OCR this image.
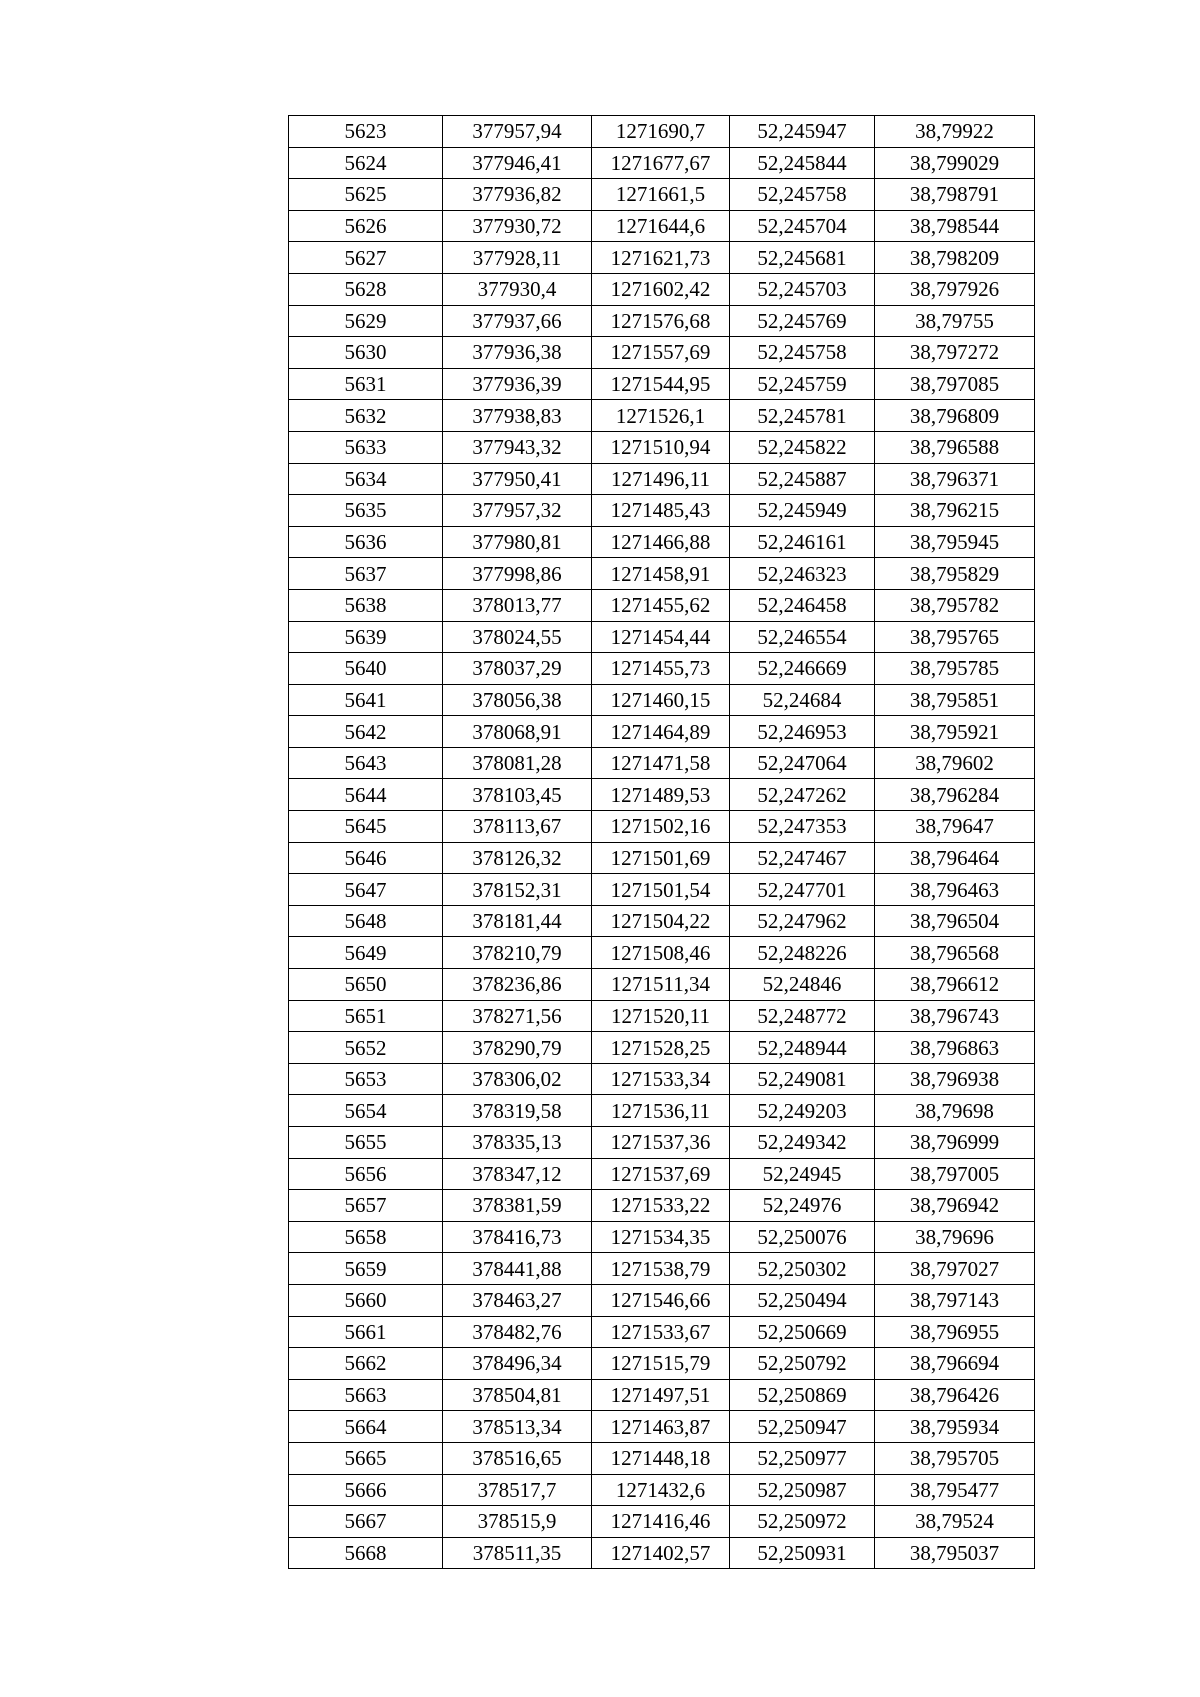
5623	377957,94	1271690,7	52,245947	38,79922
5624	377946,41	1271677,67	52,245844	38,799029
5625	377936,82	1271661,5	52,245758	38,798791
5626	377930,72	1271644,6	52,245704	38,798544
5627	377928,11	1271621,73	52,245681	38,798209
5628	377930,4	1271602,42	52,245703	38,797926
5629	377937,66	1271576,68	52,245769	38,79755
5630	377936,38	1271557,69	52,245758	38,797272
5631	377936,39	1271544,95	52,245759	38,797085
5632	377938,83	1271526,1	52,245781	38,796809
5633	377943,32	1271510,94	52,245822	38,796588
5634	377950,41	1271496,11	52,245887	38,796371
5635	377957,32	1271485,43	52,245949	38,796215
5636	377980,81	1271466,88	52,246161	38,795945
5637	377998,86	1271458,91	52,246323	38,795829
5638	378013,77	1271455,62	52,246458	38,795782
5639	378024,55	1271454,44	52,246554	38,795765
5640	378037,29	1271455,73	52,246669	38,795785
5641	378056,38	1271460,15	52,24684	38,795851
5642	378068,91	1271464,89	52,246953	38,795921
5643	378081,28	1271471,58	52,247064	38,79602
5644	378103,45	1271489,53	52,247262	38,796284
5645	378113,67	1271502,16	52,247353	38,79647
5646	378126,32	1271501,69	52,247467	38,796464
5647	378152,31	1271501,54	52,247701	38,796463
5648	378181,44	1271504,22	52,247962	38,796504
5649	378210,79	1271508,46	52,248226	38,796568
5650	378236,86	1271511,34	52,24846	38,796612
5651	378271,56	1271520,11	52,248772	38,796743
5652	378290,79	1271528,25	52,248944	38,796863
5653	378306,02	1271533,34	52,249081	38,796938
5654	378319,58	1271536,11	52,249203	38,79698
5655	378335,13	1271537,36	52,249342	38,796999
5656	378347,12	1271537,69	52,24945	38,797005
5657	378381,59	1271533,22	52,24976	38,796942
5658	378416,73	1271534,35	52,250076	38,79696
5659	378441,88	1271538,79	52,250302	38,797027
5660	378463,27	1271546,66	52,250494	38,797143
5661	378482,76	1271533,67	52,250669	38,796955
5662	378496,34	1271515,79	52,250792	38,796694
5663	378504,81	1271497,51	52,250869	38,796426
5664	378513,34	1271463,87	52,250947	38,795934
5665	378516,65	1271448,18	52,250977	38,795705
5666	378517,7	1271432,6	52,250987	38,795477
5667	378515,9	1271416,46	52,250972	38,79524
5668	378511,35	1271402,57	52,250931	38,795037
